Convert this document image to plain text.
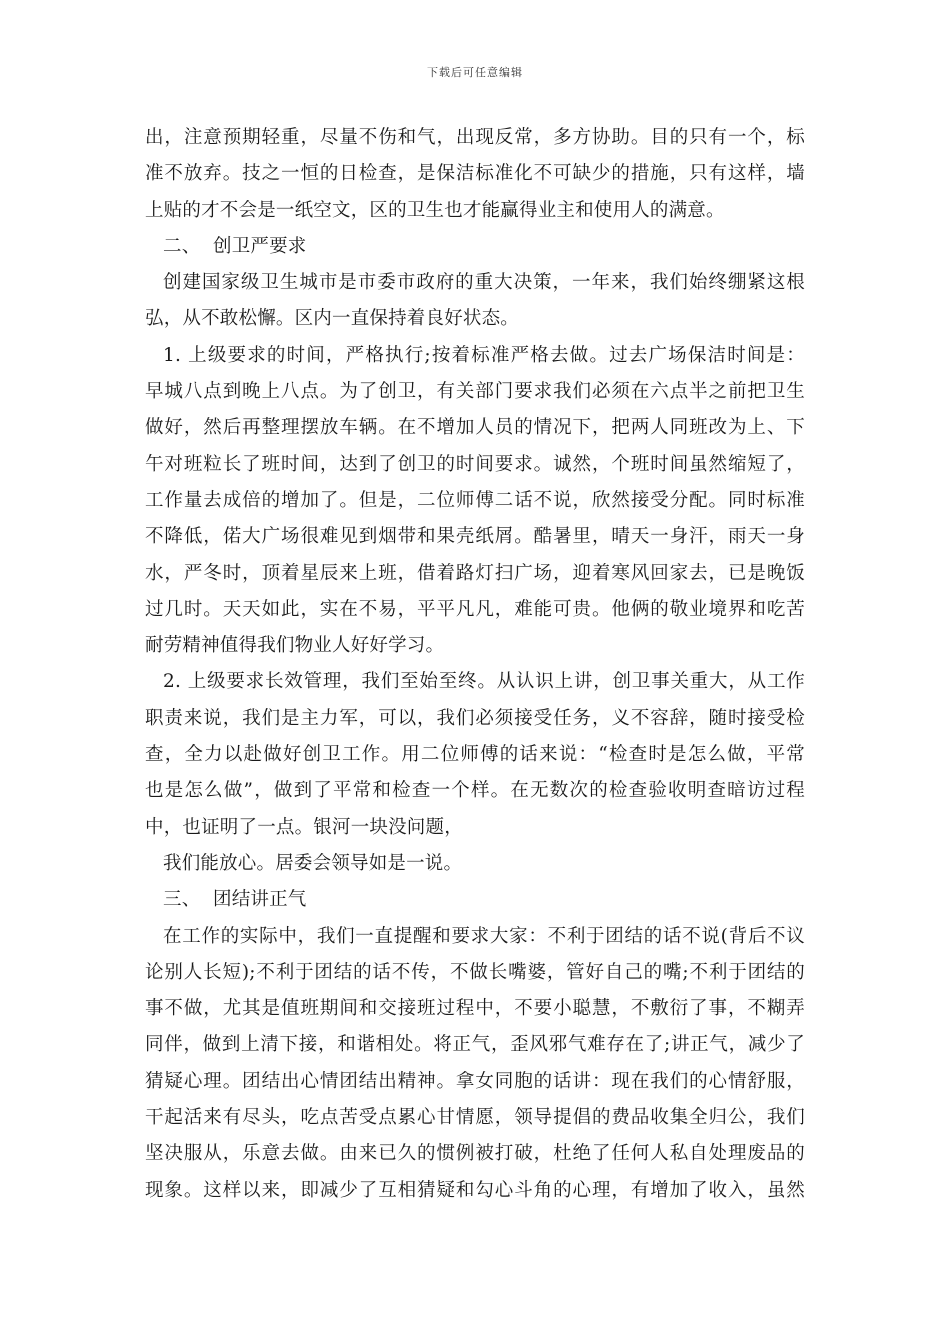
下载后可任意编辑
出，注意预期轻重，尽量不伤和气，出现反常，多方协助。目的只有一个，标
准不放弃。技之一恒的日检查，是保洁标准化不可缺少的措施，只有这样，墙
上贴的才不会是一纸空文，区的卫生也才能赢得业主和使用人的满意。
二、 创卫严要求
创建国家级卫生城市是市委市政府的重大决策，一年来，我们始终绷紧这根
弘，从不敢松懈。区内一直保持着良好状态。
1. 上级要求的时间，严格执行;按着标准严格去做。过去广场保洁时间是：
早城八点到晚上八点。为了创卫，有关部门要求我们必须在六点半之前把卫生
做好，然后再整理摆放车辆。在不增加人员的情况下，把两人同班改为上、下
午对班粒长了班时间，达到了创卫的时间要求。诚然，个班时间虽然缩短了，
工作量去成倍的增加了。但是，二位师傅二话不说，欣然接受分配。同时标准
不降低，偌大广场很难见到烟带和果壳纸屑。酷暑里，晴天一身汗，雨天一身
水，严冬时，顶着星辰来上班，借着路灯扫广场，迎着寒风回家去，已是晚饭
过几时。天天如此，实在不易，平平凡凡，难能可贵。他俩的敬业境界和吃苦
耐劳精神值得我们物业人好好学习。
2. 上级要求长效管理，我们至始至终。从认识上讲，创卫事关重大，从工作
职责来说，我们是主力军，可以，我们必须接受任务，义不容辞，随时接受检
查，全力以赴做好创卫工作。用二位师傅的话来说：“检查时是怎么做，平常
也是怎么做”，做到了平常和检查一个样。在无数次的检查验收明查暗访过程
中，也证明了一点。银河一块没问题，
我们能放心。居委会领导如是一说。
三、 团结讲正气
在工作的实际中，我们一直提醒和要求大家：不利于团结的话不说(背后不议
论别人长短);不利于团结的话不传，不做长嘴婆，管好自己的嘴;不利于团结的
事不做，尤其是值班期间和交接班过程中，不要小聪慧，不敷衍了事，不糊弄
同伴，做到上清下接，和谐相处。将正气，歪风邪气难存在了;讲正气，减少了
猜疑心理。团结出心情团结出精神。拿女同胞的话讲：现在我们的心情舒服，
干起活来有尽头，吃点苦受点累心甘情愿，领导提倡的费品收集全归公，我们
坚决服从，乐意去做。由来已久的惯例被打破，杜绝了任何人私自处理废品的
现象。这样以来，即减少了互相猜疑和勾心斗角的心理，有增加了收入，虽然
